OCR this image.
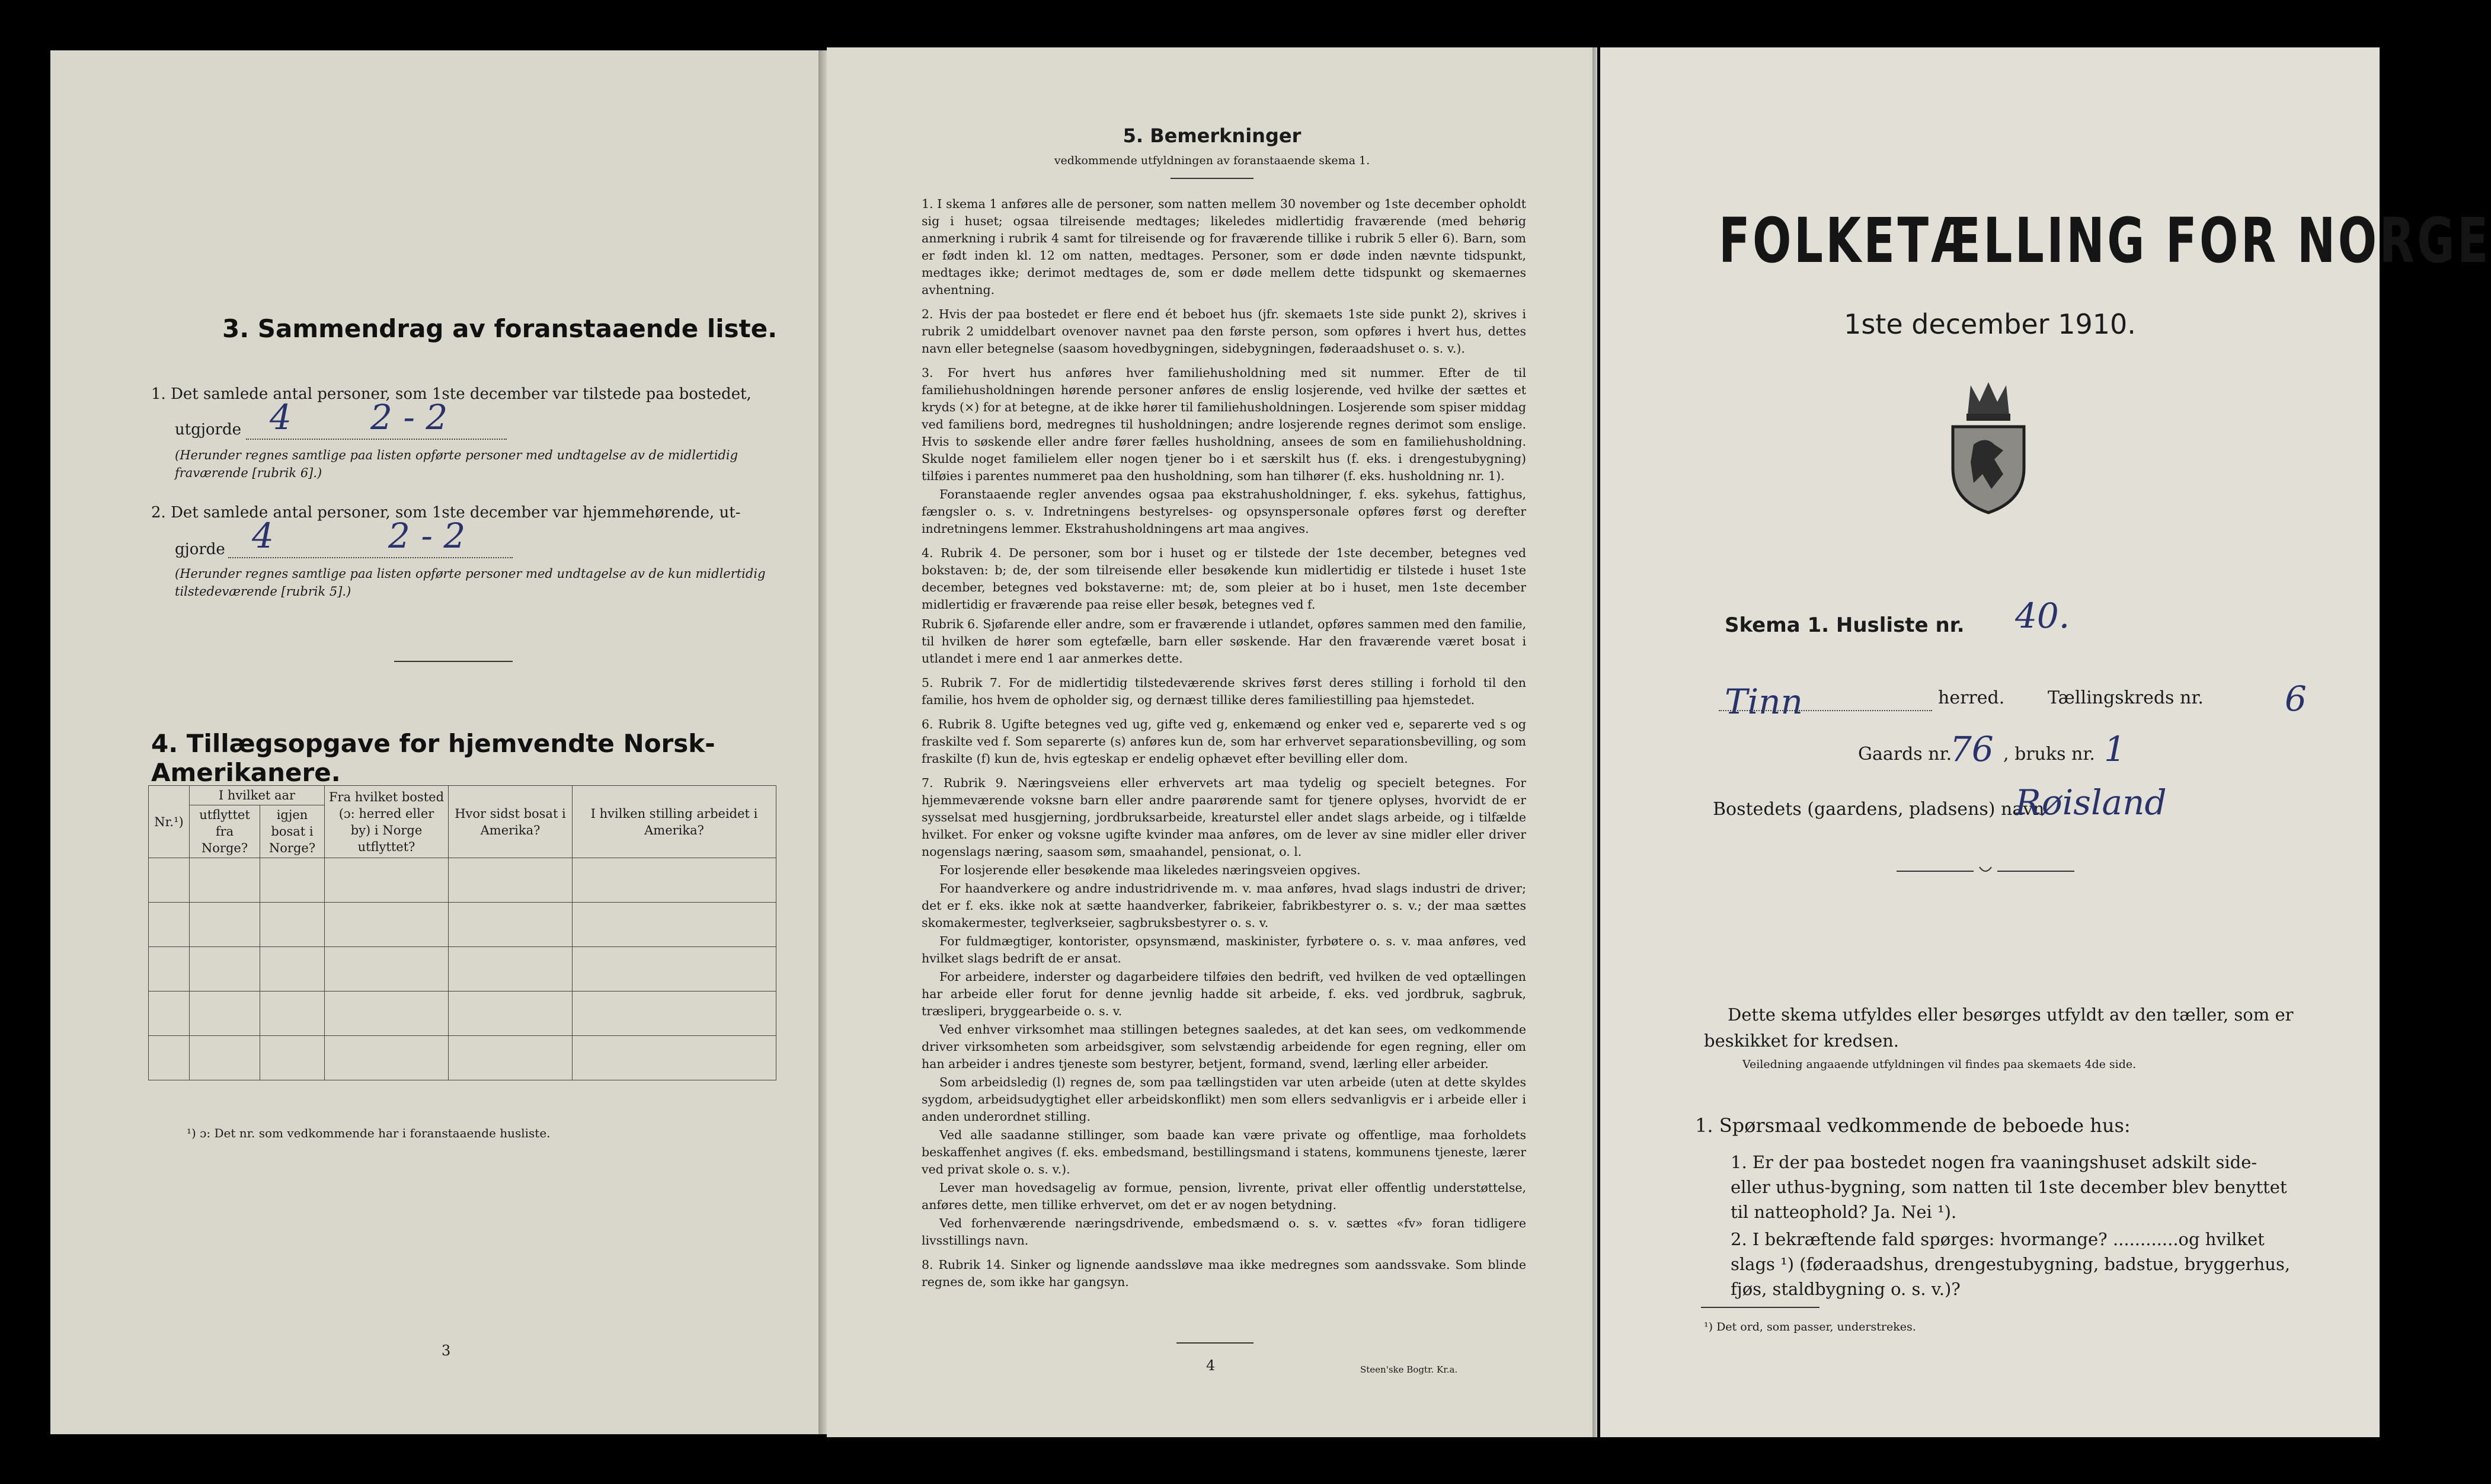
3. Sammendrag av foranstaaende liste.
1. Det samlede antal personer, som 1ste december var tilstede paa bostedet,
utgjorde 4 2 - 2
(Herunder regnes samtlige paa listen opførte personer med undtagelse av de midlertidig fraværende [rubrik 6].)
2. Det samlede antal personer, som 1ste december var hjemmehørende, ut-
gjorde 4	2 - 2
(Herunder regnes samtlige paa listen opførte personer med undtagelse av de kun midlertidig tilstedeværende [rubrik 5].)
4. Tillægsopgave for hjemvendte Norsk-Amerikanere.
Nr.¹)	I hvilket aar		Fra hvilket bosted (ɔ: herred eller by) i Norge utflyttet?	Hvor sidst bosat i Amerika?	I hvilken stilling arbeidet i Amerika?
	utflyttet fra Norge?	igjen bosat i Norge?			

¹) ɔ: Det nr. som vedkommende har i foranstaaende husliste.
3
5. Bemerkninger
vedkommende utfyldningen av foranstaaende skema 1.

1. I skema 1 anføres alle de personer, som natten mellem 30 november og 1ste december opholdt sig i huset; ogsaa tilreisende medtages; likeledes midlertidig fraværende (med behørig anmerkning i rubrik 4 samt for tilreisende og for fraværende tillike i rubrik 5 eller 6). Barn, som er født inden kl. 12 om natten, medtages. Personer, som er døde inden nævnte tidspunkt, medtages ikke; derimot medtages de, som er døde mellem dette tidspunkt og skemaernes avhentning.

2. Hvis der paa bostedet er flere end ét beboet hus (jfr. skemaets 1ste side punkt 2), skrives i rubrik 2 umiddelbart ovenover navnet paa den første person, som opføres i hvert hus, dettes navn eller betegnelse (saasom hovedbygningen, sidebygningen, føderaadshuset o. s. v.).

3. For hvert hus anføres hver familiehusholdning med sit nummer. Efter de til familiehusholdningen hørende personer anføres de enslig losjerende, ved hvilke der sættes et kryds (×) for at betegne, at de ikke hører til familiehusholdningen. Losjerende som spiser middag ved familiens bord, medregnes til husholdningen; andre losjerende regnes derimot som enslige. Hvis to søskende eller andre fører fælles husholdning, ansees de som en familiehusholdning. Skulde noget familielem eller nogen tjener bo i et særskilt hus (f. eks. i drengestubygning) tilføies i parentes nummeret paa den husholdning, som han tilhører (f. eks. husholdning nr. 1).

Foranstaaende regler anvendes ogsaa paa ekstrahusholdninger, f. eks. sykehus, fattighus, fængsler o. s. v. Indretningens bestyrelses- og opsynspersonale opføres først og derefter indretningens lemmer. Ekstrahusholdningens art maa angives.

4. Rubrik 4. De personer, som bor i huset og er tilstede der 1ste december, betegnes ved bokstaven: b; de, der som tilreisende eller besøkende kun midlertidig er tilstede i huset 1ste december, betegnes ved bokstaverne: mt; de, som pleier at bo i huset, men 1ste december midlertidig er fraværende paa reise eller besøk, betegnes ved f.

Rubrik 6. Sjøfarende eller andre, som er fraværende i utlandet, opføres sammen med den familie, til hvilken de hører som egtefælle, barn eller søskende. Har den fraværende været bosat i utlandet i mere end 1 aar anmerkes dette.

5. Rubrik 7. For de midlertidig tilstedeværende skrives først deres stilling i forhold til den familie, hos hvem de opholder sig, og dernæst tillike deres familiestilling paa hjemstedet.

6. Rubrik 8. Ugifte betegnes ved ug, gifte ved g, enkemænd og enker ved e, separerte ved s og fraskilte ved f. Som separerte (s) anføres kun de, som har erhvervet separationsbevilling, og som fraskilte (f) kun de, hvis egteskap er endelig ophævet efter bevilling eller dom.

7. Rubrik 9. Næringsveiens eller erhvervets art maa tydelig og specielt betegnes. For hjemmeværende voksne barn eller andre paarørende samt for tjenere oplyses, hvorvidt de er sysselsat med husgjerning, jordbruksarbeide, kreaturstel eller andet slags arbeide, og i tilfælde hvilket. For enker og voksne ugifte kvinder maa anføres, om de lever av sine midler eller driver nogenslags næring, saasom søm, smaahandel, pensionat, o. l.

For losjerende eller besøkende maa likeledes næringsveien opgives.

For haandverkere og andre industridrivende m. v. maa anføres, hvad slags industri de driver; det er f. eks. ikke nok at sætte haandverker, fabrikeier, fabrikbestyrer o. s. v.; der maa sættes skomakermester, teglverkseier, sagbruksbestyrer o. s. v.

For fuldmægtiger, kontorister, opsynsmænd, maskinister, fyrbøtere o. s. v. maa anføres, ved hvilket slags bedrift de er ansat.

For arbeidere, inderster og dagarbeidere tilføies den bedrift, ved hvilken de ved optællingen har arbeide eller forut for denne jevnlig hadde sit arbeide, f. eks. ved jordbruk, sagbruk, træsliperi, bryggearbeide o. s. v.

Ved enhver virksomhet maa stillingen betegnes saaledes, at det kan sees, om vedkommende driver virksomheten som arbeidsgiver, som selvstændig arbeidende for egen regning, eller om han arbeider i andres tjeneste som bestyrer, betjent, formand, svend, lærling eller arbeider.

Som arbeidsledig (l) regnes de, som paa tællingstiden var uten arbeide (uten at dette skyldes sygdom, arbeidsudygtighet eller arbeidskonflikt) men som ellers sedvanligvis er i arbeide eller i anden underordnet stilling.

Ved alle saadanne stillinger, som baade kan være private og offentlige, maa forholdets beskaffenhet angives (f. eks. embedsmand, bestillingsmand i statens, kommunens tjeneste, lærer ved privat skole o. s. v.).

Lever man hovedsagelig av formue, pension, livrente, privat eller offentlig understøttelse, anføres dette, men tillike erhvervet, om det er av nogen betydning.

Ved forhenværende næringsdrivende, embedsmænd o. s. v. sættes «fv» foran tidligere livsstillings navn.

8. Rubrik 14. Sinker og lignende aandssløve maa ikke medregnes som aandssvake. Som blinde regnes de, som ikke har gangsyn.

4	Steen'ske Bogtr. Kr.a.
FOLKETÆLLING FOR NORGE
1ste december 1910.
Skema 1. Husliste nr. 40.
Tinn	herred. Tællingskreds nr. 6
Gaards nr.
76 , bruks nr. 1
Bostedets (gaardens, pladsens) navn
Røisland
Dette skema utfyldes eller besørges utfyldt av den tæller, som er beskikket for kredsen.
Veiledning angaaende utfyldningen vil findes paa skemaets 4de side.
1. Spørsmaal vedkommende de beboede hus:
1. Er der paa bostedet nogen fra vaaningshuset adskilt side- eller uthus-bygning, som natten til 1ste december blev benyttet til natteophold? Ja. Nei ¹).
2. I bekræftende fald spørges: hvormange? ............og hvilket slags ¹) (føderaadshus, drengestubygning, badstue, bryggerhus, fjøs, staldbygning o. s. v.)?
¹) Det ord, som passer, understrekes.
